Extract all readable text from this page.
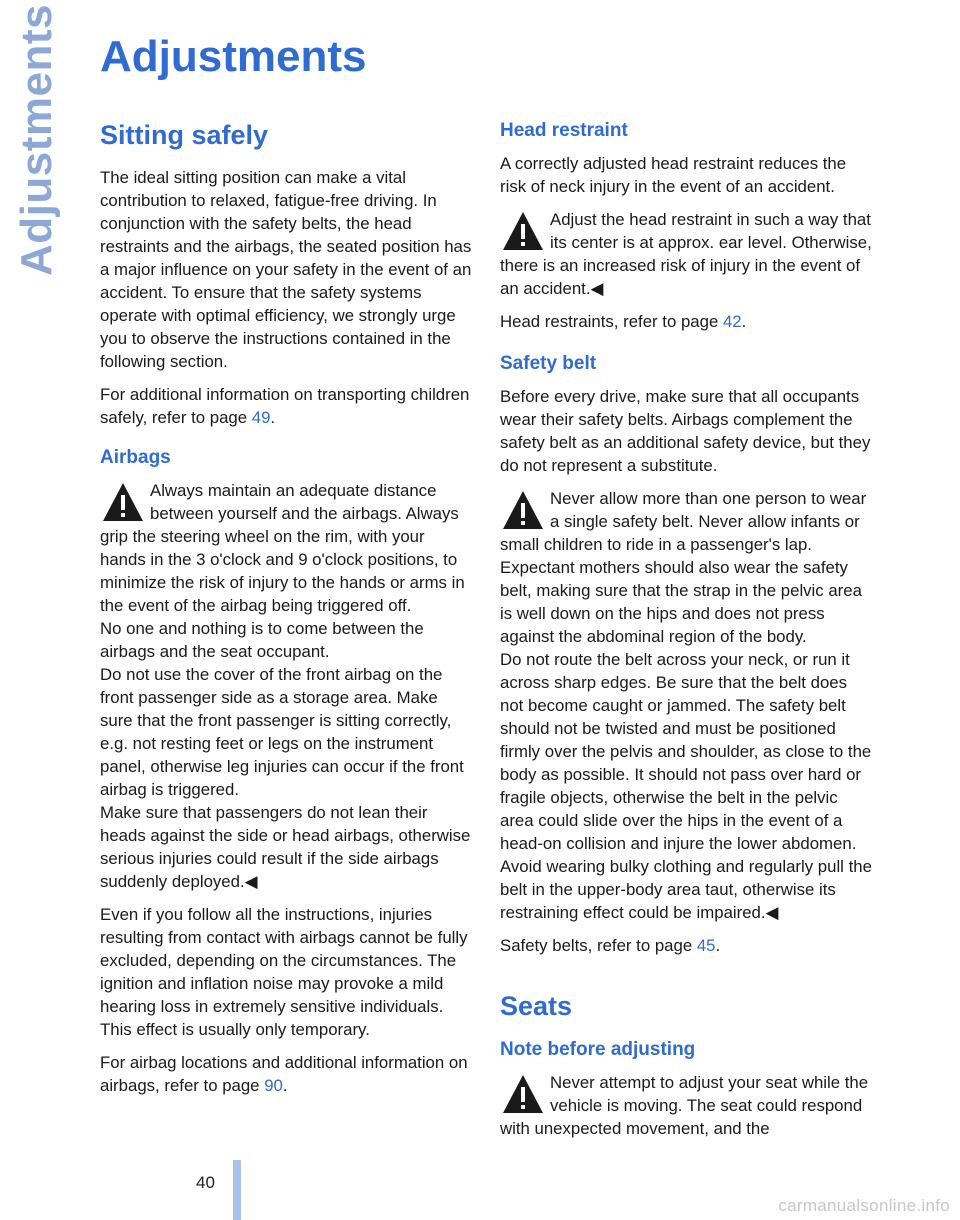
Adjustments Adjustments
Sitting safely

The ideal sitting position can make a vital contribution to relaxed, fatigue-free driving. In conjunction with the safety belts, the head restraints and the airbags, the seated position has a major influence on your safety in the event of an accident. To ensure that the safety systems operate with optimal efficiency, we strongly urge you to observe the instructions contained in the following section.

For additional information on transporting children safely, refer to page 49.

Airbags
Always maintain an adequate distance between yourself and the airbags. Always grip the steering wheel on the rim, with your hands in the 3 o'clock and 9 o'clock positions, to minimize the risk of injury to the hands or arms in the event of the airbag being triggered off.
No one and nothing is to come between the airbags and the seat occupant.
Do not use the cover of the front airbag on the front passenger side as a storage area. Make sure that the front passenger is sitting correctly, e.g. not resting feet or legs on the instrument panel, otherwise leg injuries can occur if the front airbag is triggered.
Make sure that passengers do not lean their heads against the side or head airbags, otherwise serious injuries could result if the side airbags suddenly deployed.◀

Even if you follow all the instructions, injuries resulting from contact with airbags cannot be fully excluded, depending on the circumstances. The ignition and inflation noise may provoke a mild hearing loss in extremely sensitive individuals. This effect is usually only temporary.

For airbag locations and additional information on airbags, refer to page 90.

Head restraint

A correctly adjusted head restraint reduces the risk of neck injury in the event of an accident.

Adjust the head restraint in such a way that its center is at approx. ear level. Otherwise, there is an increased risk of injury in the event of an accident.◀

Head restraints, refer to page 42.

Safety belt

Before every drive, make sure that all occupants wear their safety belts. Airbags complement the safety belt as an additional safety device, but they do not represent a substitute.

Never allow more than one person to wear a single safety belt. Never allow infants or small children to ride in a passenger's lap.
Expectant mothers should also wear the safety belt, making sure that the strap in the pelvic area is well down on the hips and does not press against the abdominal region of the body.
Do not route the belt across your neck, or run it across sharp edges. Be sure that the belt does not become caught or jammed. The safety belt should not be twisted and must be positioned firmly over the pelvis and shoulder, as close to the body as possible. It should not pass over hard or fragile objects, otherwise the belt in the pelvic area could slide over the hips in the event of a head-on collision and injure the lower abdomen. Avoid wearing bulky clothing and regularly pull the belt in the upper-body area taut, otherwise its restraining effect could be impaired.◀

Safety belts, refer to page 45.

Seats
Note before adjusting
Never attempt to adjust your seat while the vehicle is moving. The seat could respond with unexpected movement, and the
40
carmanualsonline.info
